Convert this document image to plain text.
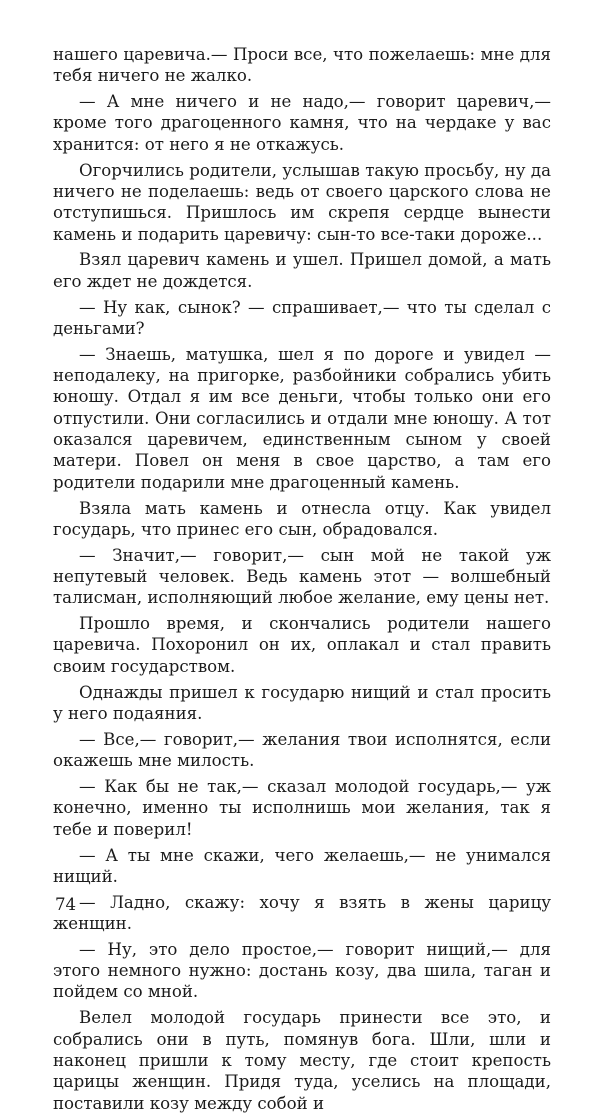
нашего царевича.— Проси все, что пожелаешь: мне для тебя ничего не жалко.

— А мне ничего и не надо,— говорит царевич,— кроме того драгоценного камня, что на чердаке у вас хранится: от него я не откажусь.

Огорчились родители, услышав такую просьбу, ну да ничего не поделаешь: ведь от своего царского слова не отступишься. Пришлось им скрепя сердце вынести камень и подарить царевичу: сын-то все-таки дороже...

Взял царевич камень и ушел. Пришел домой, а мать его ждет не дождется.

— Ну как, сынок? — спрашивает,— что ты сделал с деньгами?

— Знаешь, матушка, шел я по дороге и увидел — неподалеку, на пригорке, разбойники собрались убить юношу. Отдал я им все деньги, чтобы только они его отпустили. Они согласились и отдали мне юношу. А тот оказался царевичем, единственным сыном у своей матери. Повел он меня в свое царство, а там его родители подарили мне драгоценный камень.

Взяла мать камень и отнесла отцу. Как увидел государь, что принес его сын, обрадовался.

— Значит,— говорит,— сын мой не такой уж непутевый человек. Ведь камень этот — волшебный талисман, исполняющий любое желание, ему цены нет.

Прошло время, и скончались родители нашего царевича. Похоронил он их, оплакал и стал править своим государством.

Однажды пришел к государю нищий и стал просить у него подаяния.

— Все,— говорит,— желания твои исполнятся, если окажешь мне милость.

— Как бы не так,— сказал молодой государь,— уж конечно, именно ты исполнишь мои желания, так я тебе и поверил!

— А ты мне скажи, чего желаешь,— не унимался нищий.

— Ладно, скажу: хочу я взять в жены царицу женщин.

— Ну, это дело простое,— говорит нищий,— для этого немного нужно: достань козу, два шила, таган и пойдем со мной.

Велел молодой государь принести все это, и собрались они в путь, помянув бога. Шли, шли и наконец пришли к тому месту, где стоит крепость царицы женщин. Придя туда, уселись на площади, поставили козу между собой и

74
